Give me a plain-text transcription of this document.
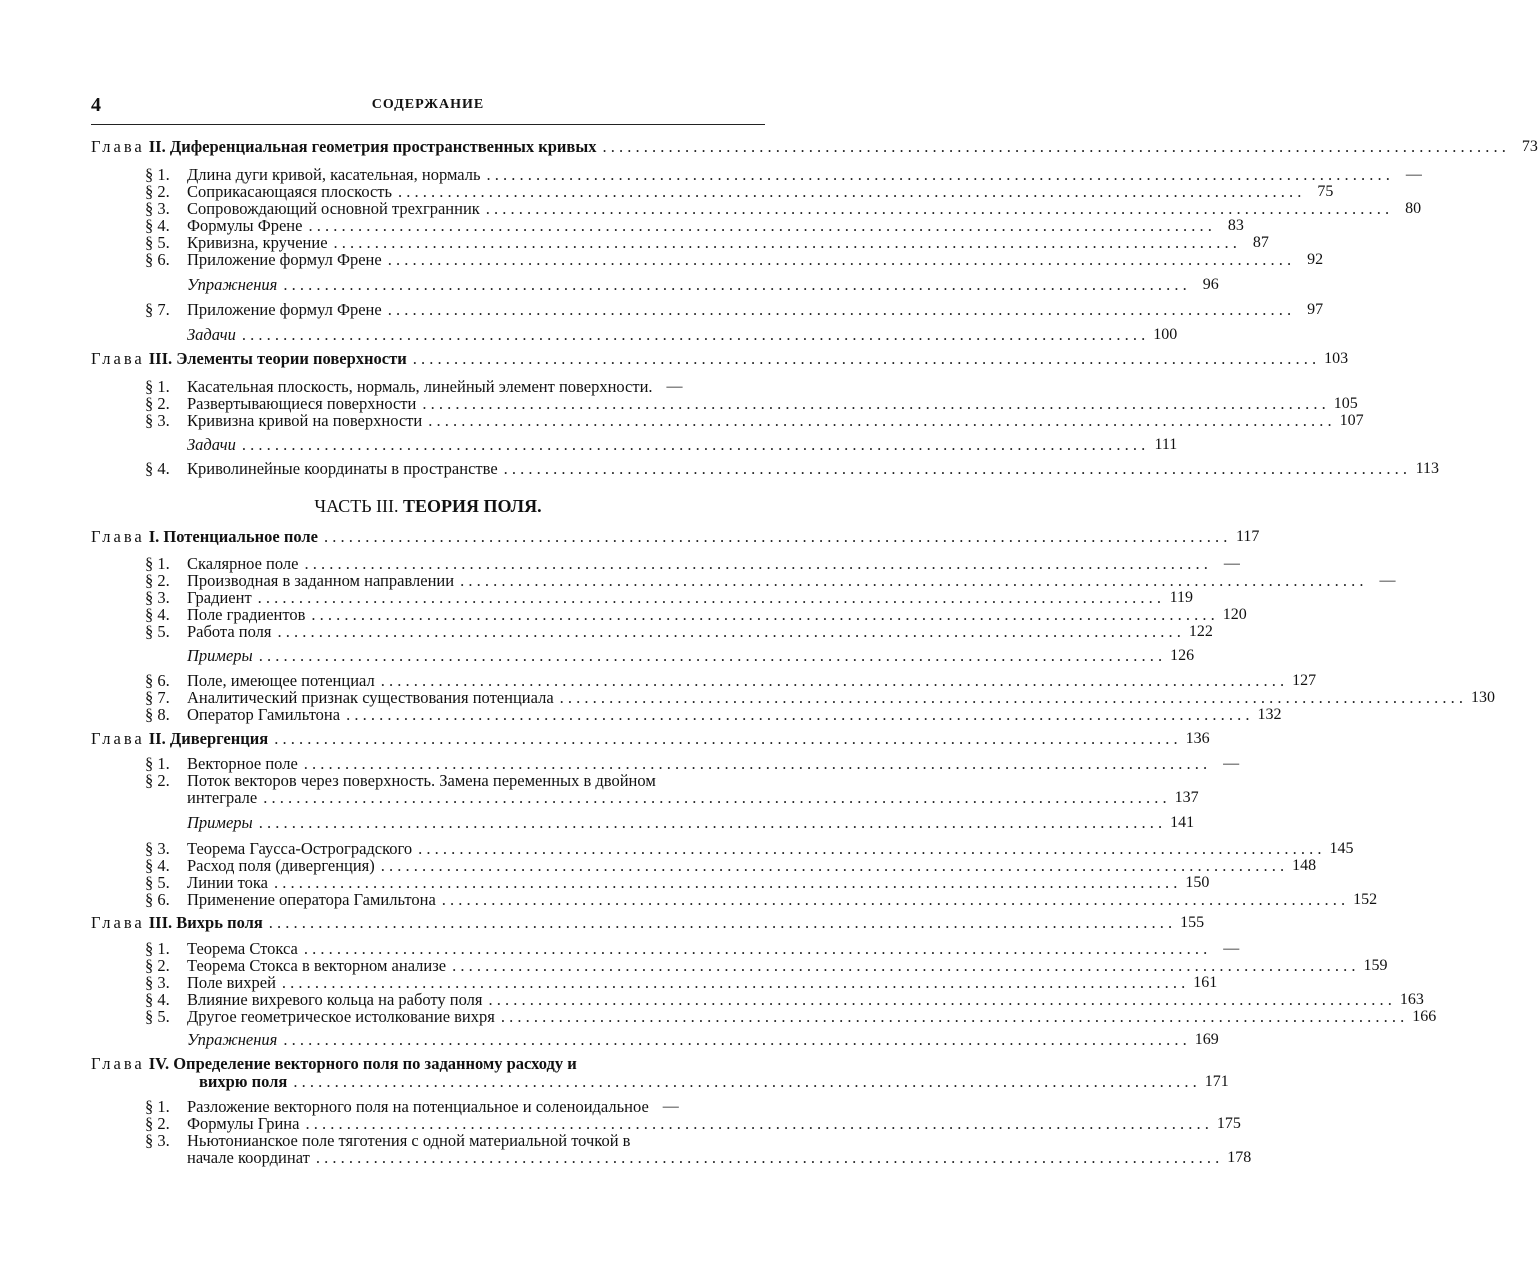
4	СОДЕРЖАНИЕ
Глава II. Диференциальная геометрия пространственных кривых . . .	73
§ 1.	Длина дуги кривой, касательная, нормаль . . .	—
§ 2.	Соприкасающаяся плоскость . . .	75
§ 3.	Сопровождающий основной трехгранник . . .	80
§ 4.	Формулы Френе . . .	83
§ 5.	Кривизна, кручение . . .	87
§ 6.	Приложение формул Френе . . .	92
Упражнения . . .	96
§ 7.	Приложение формул Френе . . .	97
Задачи . . .	100
Глава III. Элементы теории поверхности . . .	103
§ 1.	Касательная плоскость, нормаль, линейный элемент поверхности. —
§ 2.	Развертывающиеся поверхности . . .	105
§ 3.	Кривизна кривой на поверхности . . .	107
Задачи . . .	111
§ 4.	Криволинейные координаты в пространстве . . .	113
ЧАСТЬ III. ТЕОРИЯ ПОЛЯ.
Глава I. Потенциальное поле . . .	117
§ 1.	Скалярное поле . . .	—
§ 2.	Производная в заданном направлении . . .	—
§ 3.	Градиент . . .	119
§ 4.	Поле градиентов . . .	120
§ 5.	Работа поля . . .	122
Примеры . . .	126
§ 6.	Поле, имеющее потенциал . . .	127
§ 7.	Аналитический признак существования потенциала . . .	130
§ 8.	Оператор Гамильтона . . .	132
Глава II. Дивергенция . . .	136
§ 1.	Векторное поле . . .	—
§ 2.	Поток векторов через поверхность. Замена переменных в двойном
интеграле . . .	137
Примеры . . .	141
§ 3.	Теорема Гаусса-Остроградского . . .	145
§ 4.	Расход поля (дивергенция) . . .	148
§ 5.	Линии тока . . .	150
§ 6.	Применение оператора Гамильтона . . .	152
Глава III. Вихрь поля . . .	155
§ 1.	Теорема Стокса . . .	—
§ 2.	Теорема Стокса в векторном анализе . . .	159
§ 3.	Поле вихрей . . .	161
§ 4.	Влияние вихревого кольца на работу поля . . .	163
§ 5.	Другое геометрическое истолкование вихря . . .	166
Упражнения . . .	169
Глава IV. Определение векторного поля по заданному расходу и
вихрю поля . . .	171
§ 1.	Разложение векторного поля на потенциальное и соленоидальное —
§ 2.	Формулы Грина . . .	175
§ 3.	Ньютонианское поле тяготения с одной материальной точкой в
начале координат . . .	178
